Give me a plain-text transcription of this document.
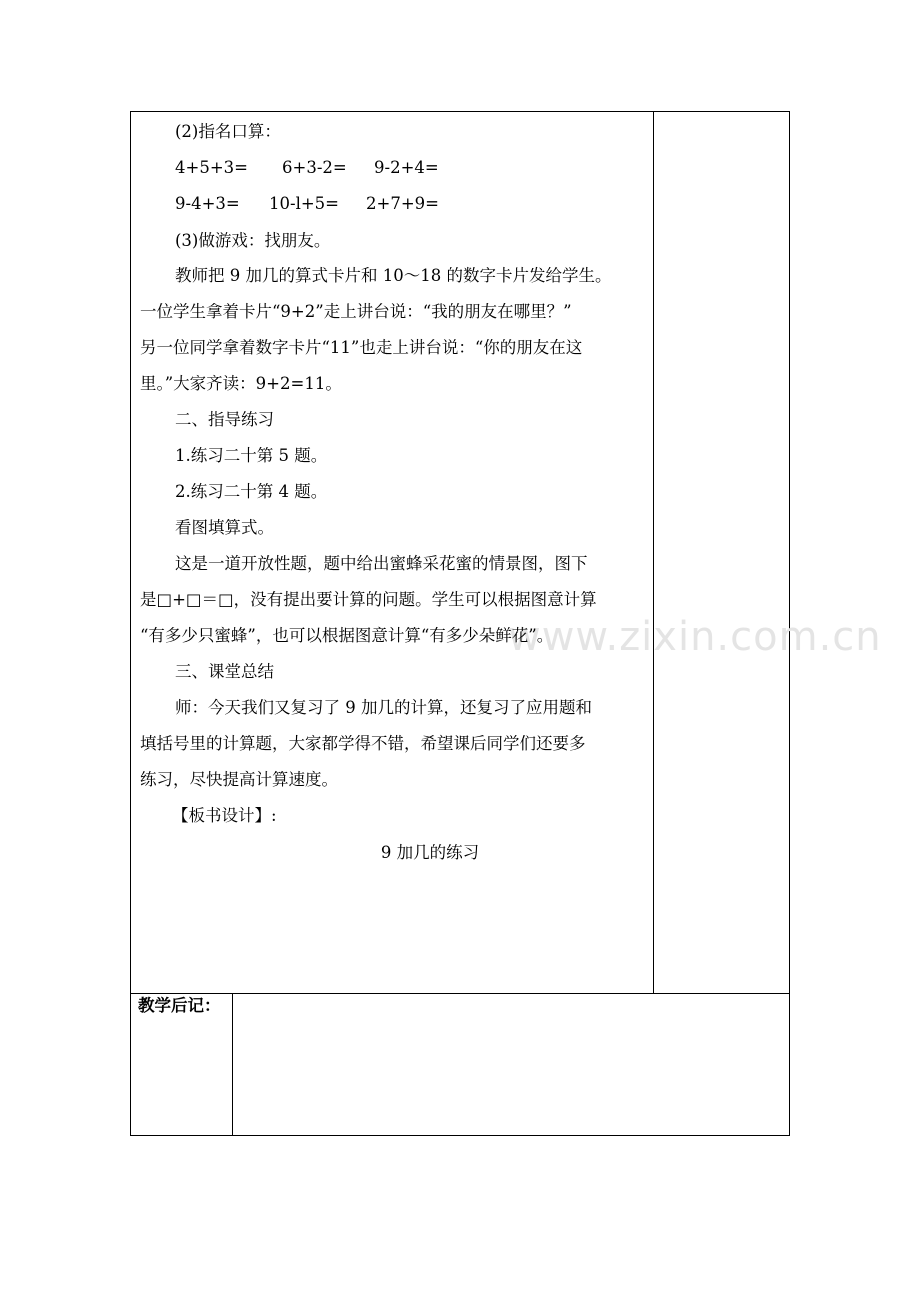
www.zixin.com.cn
(2)指名口算：
4+5+3= 6+3-2= 9-2+4=
9-4+3= 10-l+5= 2+7+9=
(3)做游戏：找朋友。
教师把 9 加几的算式卡片和 10～18 的数字卡片发给学生。
一位学生拿着卡片“9+2”走上讲台说：“我的朋友在哪里？”
另一位同学拿着数字卡片“11”也走上讲台说：“你的朋友在这
里。”大家齐读：9+2=11。
二、指导练习
1.练习二十第 5 题。
2.练习二十第 4 题。
看图填算式。
这是一道开放性题，题中给出蜜蜂采花蜜的情景图，图下
是□+□＝□，没有提出要计算的问题。学生可以根据图意计算
“有多少只蜜蜂”，也可以根据图意计算“有多少朵鲜花”。
三、课堂总结
师：今天我们又复习了 9 加几的计算，还复习了应用题和
填括号里的计算题，大家都学得不错，希望课后同学们还要多
练习，尽快提高计算速度。
【板书设计】:
9 加几的练习
教学后记：
